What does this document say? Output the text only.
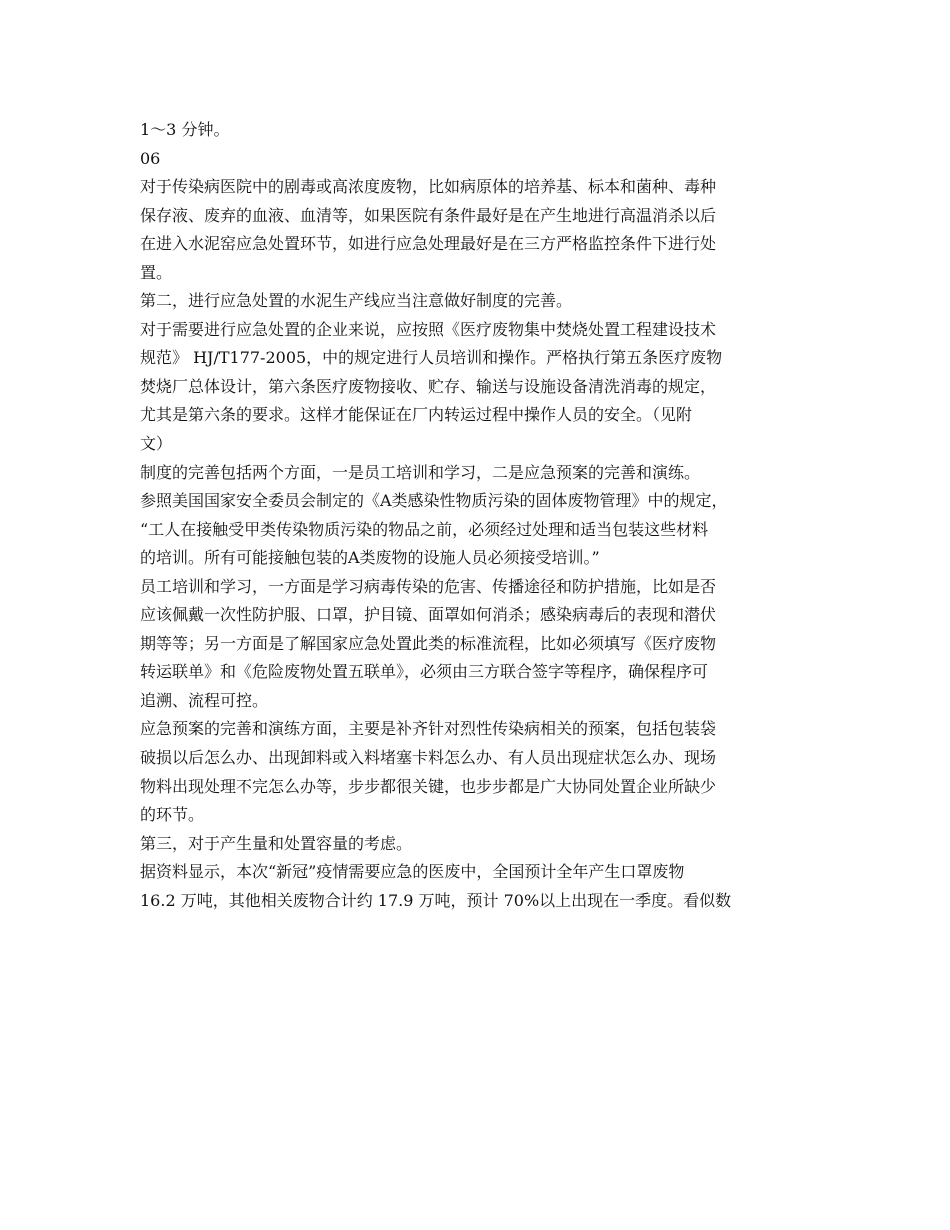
1～3 分钟。
06
对于传染病医院中的剧毒或高浓度废物，比如病原体的培养基、标本和菌种、毒种
保存液、废弃的血液、血清等，如果医院有条件最好是在产生地进行高温消杀以后
在进入水泥窑应急处置环节，如进行应急处理最好是在三方严格监控条件下进行处
置。
第二，进行应急处置的水泥生产线应当注意做好制度的完善。
对于需要进行应急处置的企业来说，应按照《医疗废物集中焚烧处置工程建设技术
规范》 HJ/T177-2005，中的规定进行人员培训和操作。严格执行第五条医疗废物
焚烧厂总体设计，第六条医疗废物接收、贮存、输送与设施设备清洗消毒的规定，
尤其是第六条的要求。这样才能保证在厂内转运过程中操作人员的安全。（见附
文）
制度的完善包括两个方面，一是员工培训和学习，二是应急预案的完善和演练。
参照美国国家安全委员会制定的《A类感染性物质污染的固体废物管理》中的规定，
“工人在接触受甲类传染物质污染的物品之前，必须经过处理和适当包装这些材料
的培训。所有可能接触包装的A类废物的设施人员必须接受培训。”
员工培训和学习，一方面是学习病毒传染的危害、传播途径和防护措施，比如是否
应该佩戴一次性防护服、口罩，护目镜、面罩如何消杀；感染病毒后的表现和潜伏
期等等；另一方面是了解国家应急处置此类的标准流程，比如必须填写《医疗废物
转运联单》和《危险废物处置五联单》，必须由三方联合签字等程序，确保程序可
追溯、流程可控。
应急预案的完善和演练方面，主要是补齐针对烈性传染病相关的预案，包括包装袋
破损以后怎么办、出现卸料或入料堵塞卡料怎么办、有人员出现症状怎么办、现场
物料出现处理不完怎么办等，步步都很关键，也步步都是广大协同处置企业所缺少
的环节。
第三，对于产生量和处置容量的考虑。
据资料显示，本次“新冠”疫情需要应急的医废中，全国预计全年产生口罩废物
16.2 万吨，其他相关废物合计约 17.9 万吨，预计 70%以上出现在一季度。看似数
